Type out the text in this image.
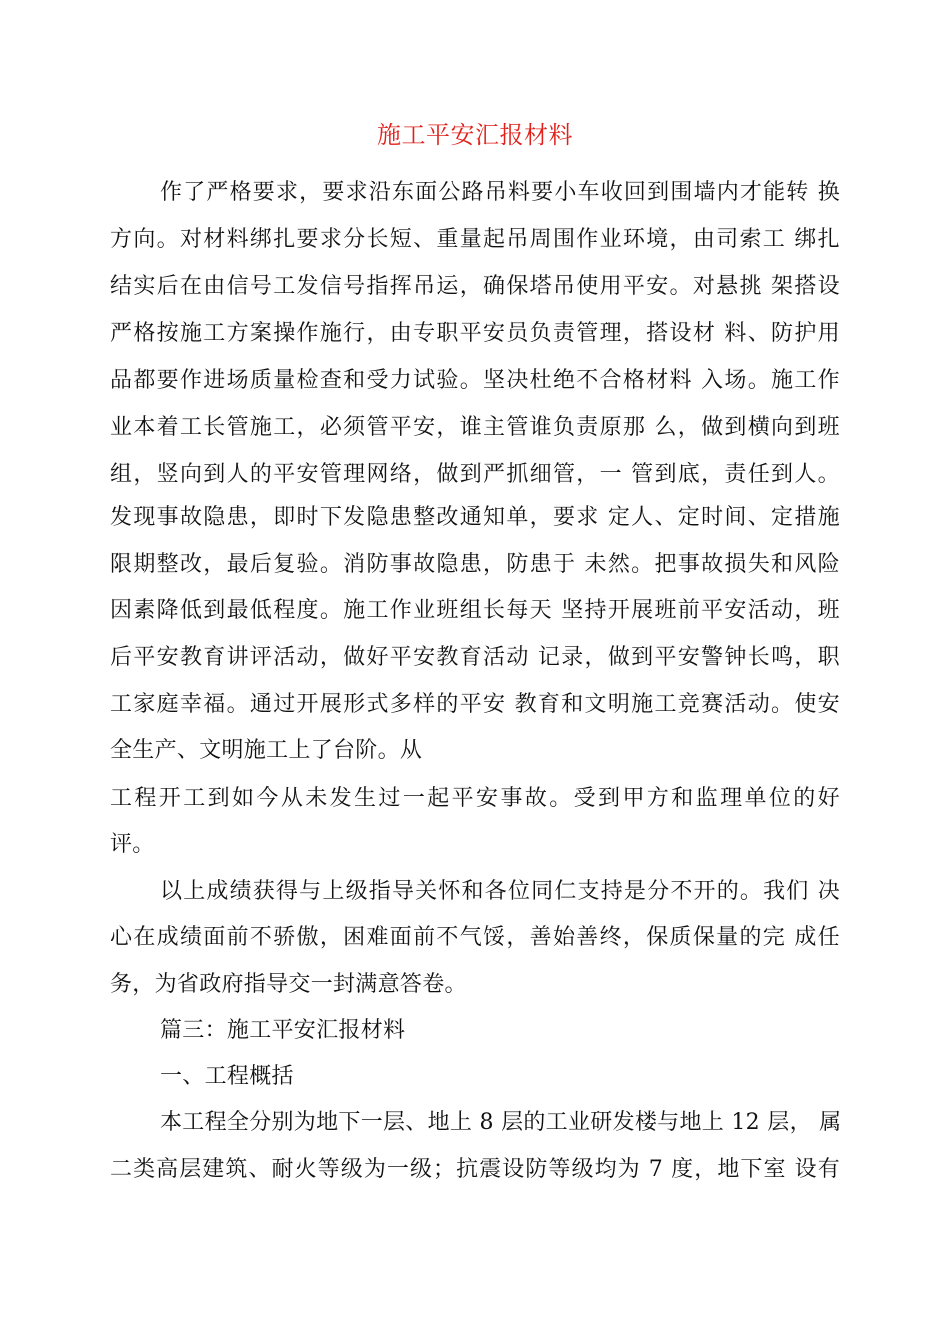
施工平安汇报材料
作了严格要求，要求沿东面公路吊料要小车收回到围墙内才能转 换
方向。对材料绑扎要求分长短、重量起吊周围作业环境，由司索工 绑扎
结实后在由信号工发信号指挥吊运，确保塔吊使用平安。对悬挑 架搭设
严格按施工方案操作施行，由专职平安员负责管理，搭设材 料、防护用
品都要作进场质量检查和受力试验。坚决杜绝不合格材料 入场。施工作
业本着工长管施工，必须管平安，谁主管谁负责原那 么，做到横向到班
组，竖向到人的平安管理网络，做到严抓细管，一 管到底，责任到人。
发现事故隐患，即时下发隐患整改通知单，要求 定人、定时间、定措施
限期整改，最后复验。消防事故隐患，防患于 未然。把事故损失和风险
因素降低到最低程度。施工作业班组长每天 坚持开展班前平安活动，班
后平安教育讲评活动，做好平安教育活动 记录，做到平安警钟长鸣，职
工家庭幸福。通过开展形式多样的平安 教育和文明施工竞赛活动。使安
全生产、文明施工上了台阶。从
工程开工到如今从未发生过一起平安事故。受到甲方和监理单位的好
评。
以上成绩获得与上级指导关怀和各位同仁支持是分不开的。我们 决
心在成绩面前不骄傲，困难面前不气馁，善始善终，保质保量的完 成任
务，为省政府指导交一封满意答卷。
篇三：施工平安汇报材料
一、工程概括
本工程全分别为地下一层、地上 8 层的工业研发楼与地上 12 层， 属
二类高层建筑、耐火等级为一级；抗震设防等级均为 7 度，地下室 设有
